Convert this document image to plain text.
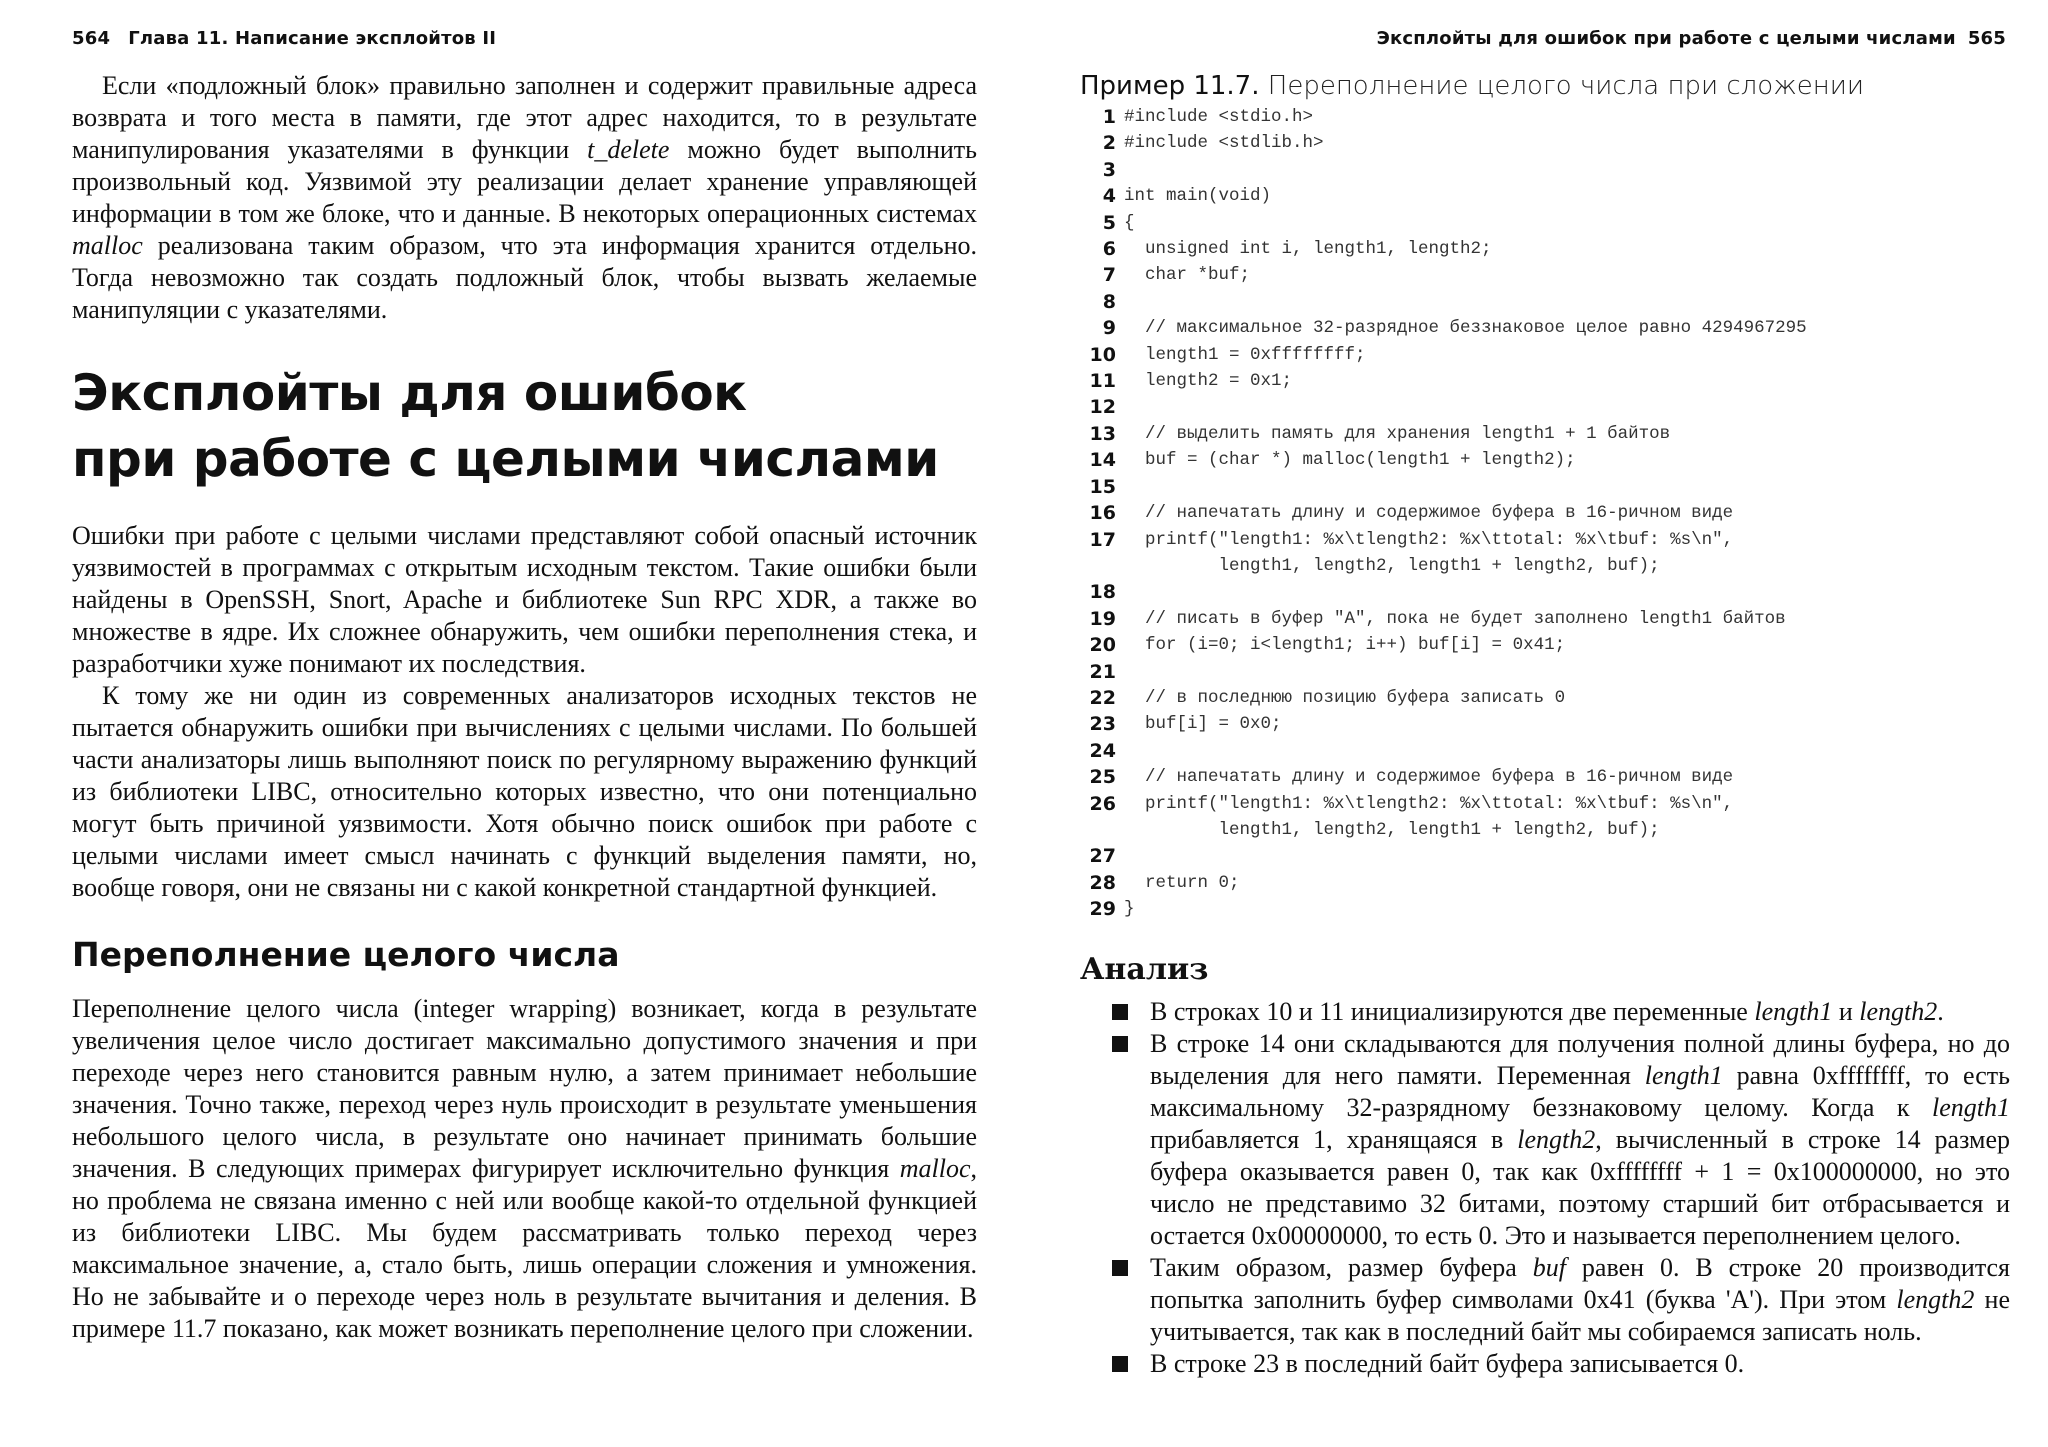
564 Глава 11. Написание эксплойтов II

Если «подложный блок» правильно заполнен и содержит правильные адреса возврата и того места в памяти, где этот адрес находится, то в результате манипулирования указателями в функции t_delete можно будет выполнить произвольный код. Уязвимой эту реализации делает хранение управляющей информации в том же блоке, что и данные. В некоторых операционных системах malloc реализована таким образом, что эта информация хранится отдельно. Тогда невозможно так создать подложный блок, чтобы вызвать желаемые манипуляции с указателями.

Эксплойты для ошибок
при работе с целыми числами

Ошибки при работе с целыми числами представляют собой опасный источник уязвимостей в программах с открытым исходным текстом. Такие ошибки были найдены в OpenSSH, Snort, Apache и библиотеке Sun RPC XDR, а также во множестве в ядре. Их сложнее обнаружить, чем ошибки переполнения стека, и разработчики хуже понимают их последствия.

К тому же ни один из современных анализаторов исходных текстов не пытается обнаружить ошибки при вычислениях с целыми числами. По большей части анализаторы лишь выполняют поиск по регулярному выражению функций из библиотеки LIBC, относительно которых известно, что они потенциально могут быть причиной уязвимости. Хотя обычно поиск ошибок при работе с целыми числами имеет смысл начинать с функций выделения памяти, но, вообще говоря, они не связаны ни с какой конкретной стандартной функцией.

Переполнение целого числа

Переполнение целого числа (integer wrapping) возникает, когда в результате увеличения целое число достигает максимально допустимого значения и при переходе через него становится равным нулю, а затем принимает небольшие значения. Точно также, переход через нуль происходит в результате уменьшения небольшого целого числа, в результате оно начинает принимать большие значения. В следующих примерах фигурирует исключительно функция malloc, но проблема не связана именно с ней или вообще какой-то отдельной функцией из библиотеки LIBC. Мы будем рассматривать только переход через максимальное значение, а, стало быть, лишь операции сложения и умножения. Но не забывайте и о переходе через ноль в результате вычитания и деления. В примере 11.7 показано, как может возникать переполнение целого при сложении.

Эксплойты для ошибок при работе с целыми числами 565
Пример 11.7. Переполнение целого числа при сложении
1 #include <stdio.h>
2 #include <stdlib.h>
3
4 int main(void)
5 {
6 unsigned int i, length1, length2;
7 char *buf;
8
9 // максимальное 32-разрядное беззнаковое целое равно 4294967295
10 length1 = 0xffffffff;
11 length2 = 0x1;
12
13 // выделить память для хранения length1 + 1 байтов
14 buf = (char *) malloc(length1 + length2);
15
16 // напечатать длину и содержимое буфера в 16-ричном виде
17 printf("length1: %x\tlength2: %x\ttotal: %x\tbuf: %s\n",
length1, length2, length1 + length2, buf);
18
19 // писать в буфер "A", пока не будет заполнено length1 байтов
20 for (i=0; i<length1; i++) buf[i] = 0x41;
21
22 // в последнюю позицию буфера записать 0
23 buf[i] = 0x0;
24
25 // напечатать длину и содержимое буфера в 16-ричном виде
26 printf("length1: %x\tlength2: %x\ttotal: %x\tbuf: %s\n",
length1, length2, length1 + length2, buf);
27
28 return 0;
29 }
Анализ
В строках 10 и 11 инициализируются две переменные length1 и length2.
В строке 14 они складываются для получения полной длины буфера, но до выделения для него памяти. Переменная length1 равна 0xffffffff, то есть максимальному 32-разрядному беззнаковому целому. Когда к length1 прибавляется 1, хранящаяся в length2, вычисленный в строке 14 размер буфера оказывается равен 0, так как 0xffffffff + 1 = 0x100000000, но это число не представимо 32 битами, поэтому старший бит отбрасывается и остается 0x00000000, то есть 0. Это и называется переполнением целого.
Таким образом, размер буфера buf равен 0. В строке 20 производится попытка заполнить буфер символами 0x41 (буква 'A'). При этом length2 не учитывается, так как в последний байт мы собираемся записать ноль.
В строке 23 в последний байт буфера записывается 0.
